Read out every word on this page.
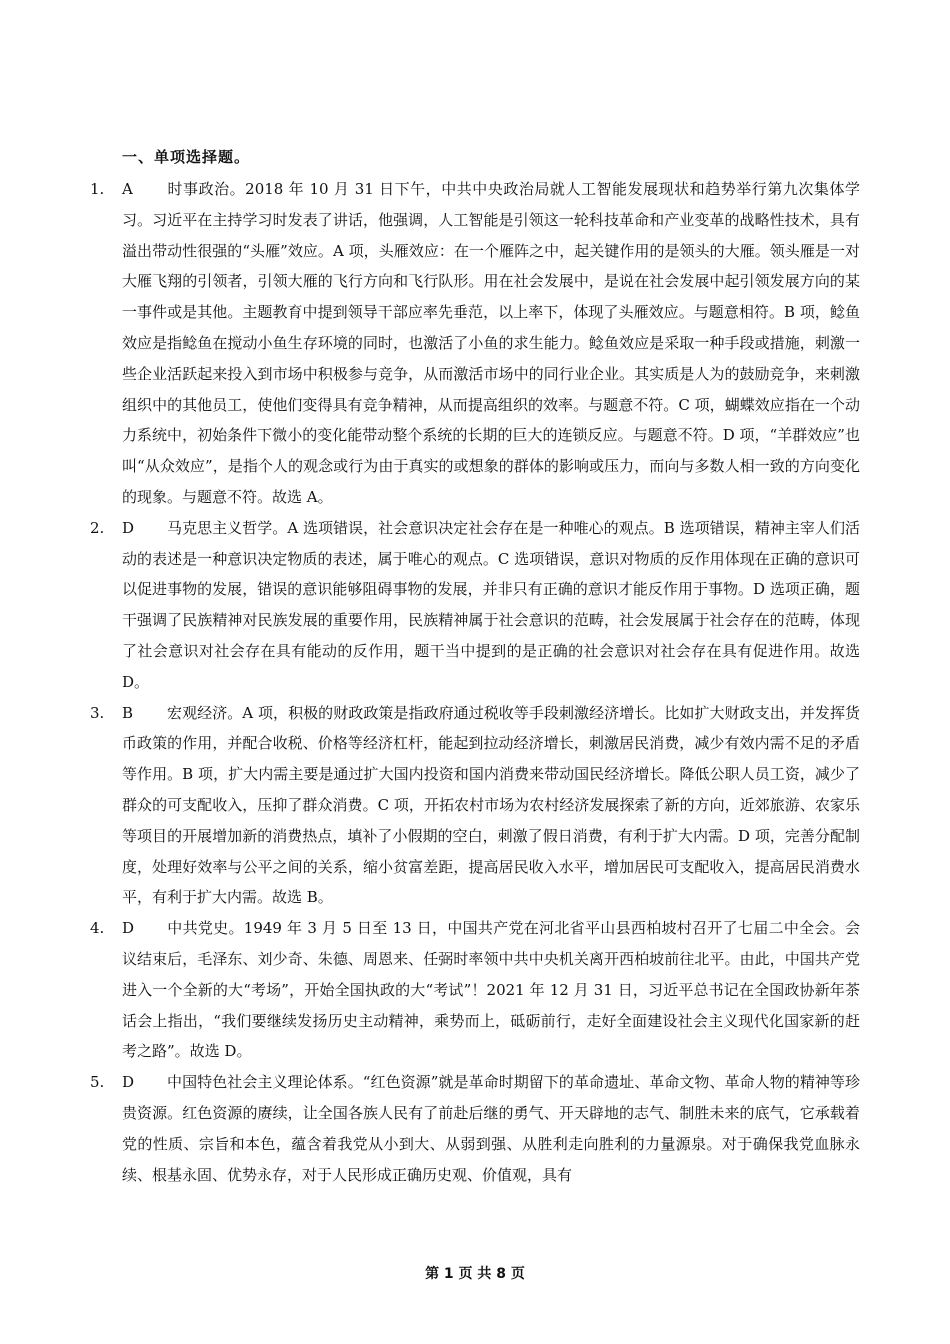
一、单项选择题。

1. A 时事政治。2018 年 10 月 31 日下午，中共中央政治局就人工智能发展现状和趋势举行第九次集体学习。习近平在主持学习时发表了讲话，他强调，人工智能是引领这一轮科技革命和产业变革的战略性技术，具有溢出带动性很强的“头雁”效应。A 项，头雁效应：在一个雁阵之中，起关键作用的是领头的大雁。领头雁是一对大雁飞翔的引领者，引领大雁的飞行方向和飞行队形。用在社会发展中，是说在社会发展中起引领发展方向的某一事件或是其他。主题教育中提到领导干部应率先垂范，以上率下，体现了头雁效应。与题意相符。B 项，鲶鱼效应是指鲶鱼在搅动小鱼生存环境的同时，也激活了小鱼的求生能力。鲶鱼效应是采取一种手段或措施，刺激一些企业活跃起来投入到市场中积极参与竞争，从而激活市场中的同行业企业。其实质是人为的鼓励竞争，来刺激组织中的其他员工，使他们变得具有竞争精神，从而提高组织的效率。与题意不符。C 项，蝴蝶效应指在一个动力系统中，初始条件下微小的变化能带动整个系统的长期的巨大的连锁反应。与题意不符。D 项，“羊群效应”也叫“从众效应”，是指个人的观念或行为由于真实的或想象的群体的影响或压力，而向与多数人相一致的方向变化的现象。与题意不符。故选 A。

2. D 马克思主义哲学。A 选项错误，社会意识决定社会存在是一种唯心的观点。B 选项错误，精神主宰人们活动的表述是一种意识决定物质的表述，属于唯心的观点。C 选项错误，意识对物质的反作用体现在正确的意识可以促进事物的发展，错误的意识能够阻碍事物的发展，并非只有正确的意识才能反作用于事物。D 选项正确，题干强调了民族精神对民族发展的重要作用，民族精神属于社会意识的范畴，社会发展属于社会存在的范畴，体现了社会意识对社会存在具有能动的反作用，题干当中提到的是正确的社会意识对社会存在具有促进作用。故选 D。

3. B 宏观经济。A 项，积极的财政政策是指政府通过税收等手段刺激经济增长。比如扩大财政支出，并发挥货币政策的作用，并配合收税、价格等经济杠杆，能起到拉动经济增长，刺激居民消费，减少有效内需不足的矛盾等作用。B 项，扩大内需主要是通过扩大国内投资和国内消费来带动国民经济增长。降低公职人员工资，减少了群众的可支配收入，压抑了群众消费。C 项，开拓农村市场为农村经济发展探索了新的方向，近郊旅游、农家乐等项目的开展增加新的消费热点，填补了小假期的空白，刺激了假日消费，有利于扩大内需。D 项，完善分配制度，处理好效率与公平之间的关系，缩小贫富差距，提高居民收入水平，增加居民可支配收入，提高居民消费水平，有利于扩大内需。故选 B。

4. D 中共党史。1949 年 3 月 5 日至 13 日，中国共产党在河北省平山县西柏坡村召开了七届二中全会。会议结束后，毛泽东、刘少奇、朱德、周恩来、任弼时率领中共中央机关离开西柏坡前往北平。由此，中国共产党进入一个全新的大“考场”，开始全国执政的大“考试”！2021 年 12 月 31 日，习近平总书记在全国政协新年茶话会上指出，“我们要继续发扬历史主动精神，乘势而上，砥砺前行，走好全面建设社会主义现代化国家新的赶考之路”。故选 D。

5. D 中国特色社会主义理论体系。“红色资源”就是革命时期留下的革命遗址、革命文物、革命人物的精神等珍贵资源。红色资源的赓续，让全国各族人民有了前赴后继的勇气、开天辟地的志气、制胜未来的底气，它承载着党的性质、宗旨和本色，蕴含着我党从小到大、从弱到强、从胜利走向胜利的力量源泉。对于确保我党血脉永续、根基永固、优势永存，对于人民形成正确历史观、价值观，具有

第 1 页 共 8 页
